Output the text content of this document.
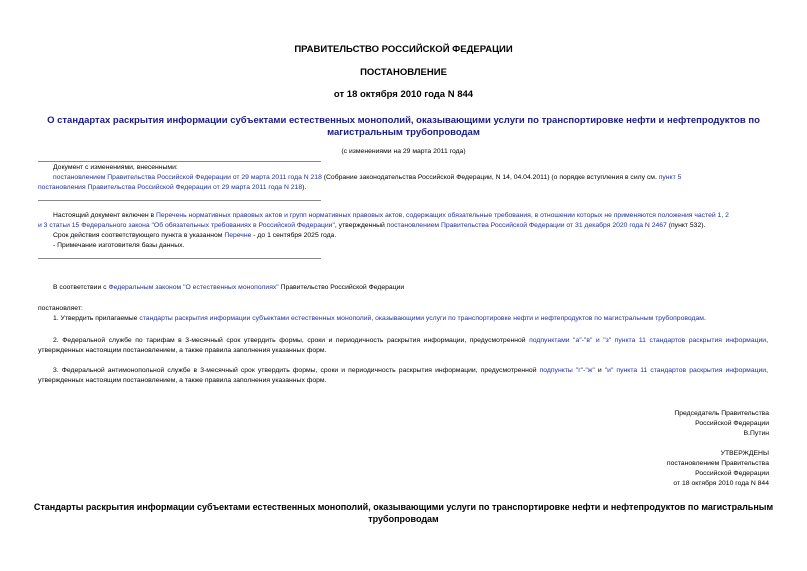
ПРАВИТЕЛЬСТВО РОССИЙСКОЙ ФЕДЕРАЦИИ
ПОСТАНОВЛЕНИЕ
от 18 октября 2010 года N 844
О стандартах раскрытия информации субъектами естественных монополий, оказывающими услуги по транспортировке нефти и нефтепродуктов по
магистральным трубопроводам
(с изменениями на 29 марта 2011 года)
Документ с изменениями, внесенными:
постановлением Правительства Российской Федерации от 29 марта 2011 года N 218 (Собрание законодательства Российской Федерации, N 14, 04.04.2011) (о порядке вступления в силу см. пункт 5
постановления Правительства Российской Федерации от 29 марта 2011 года N 218).
Настоящий документ включен в Перечень нормативных правовых актов и групп нормативных правовых актов, содержащих обязательные требования, в отношении которых не применяются положения частей 1, 2
и 3 статьи 15 Федерального закона "Об обязательных требованиях в Российской Федерации", утвержденный постановлением Правительства Российской Федерации от 31 декабря 2020 года N 2467 (пункт 532).
Срок действия соответствующего пункта в указанном Перечне - до 1 сентября 2025 года.
- Примечание изготовителя базы данных.
В соответствии с Федеральным законом "О естественных монополиях" Правительство Российской Федерации
постановляет:
1. Утвердить прилагаемые стандарты раскрытия информации субъектами естественных монополий, оказывающими услуги по транспортировке нефти и нефтепродуктов по магистральным трубопроводам.
2. Федеральной службе по тарифам в 3-месячный срок утвердить формы, сроки и периодичность раскрытия информации, предусмотренной подпунктами "а"-"в" и "з" пункта 11 стандартов раскрытия информации, утвержденных настоящим постановлением, а также правила заполнения указанных форм.
3. Федеральной антимонопольной службе в 3-месячный срок утвердить формы, сроки и периодичность раскрытия информации, предусмотренной подпункты "г"-"ж" и "и" пункта 11 стандартов раскрытия информации, утвержденных настоящим постановлением, а также правила заполнения указанных форм.
Председатель Правительства
Российской Федерации
В.Путин
УТВЕРЖДЕНЫ
постановлением Правительства
Российской Федерации
от 18 октября 2010 года N 844
Стандарты раскрытия информации субъектами естественных монополий, оказывающими услуги по транспортировке нефти и нефтепродуктов по магистральным
трубопроводам
